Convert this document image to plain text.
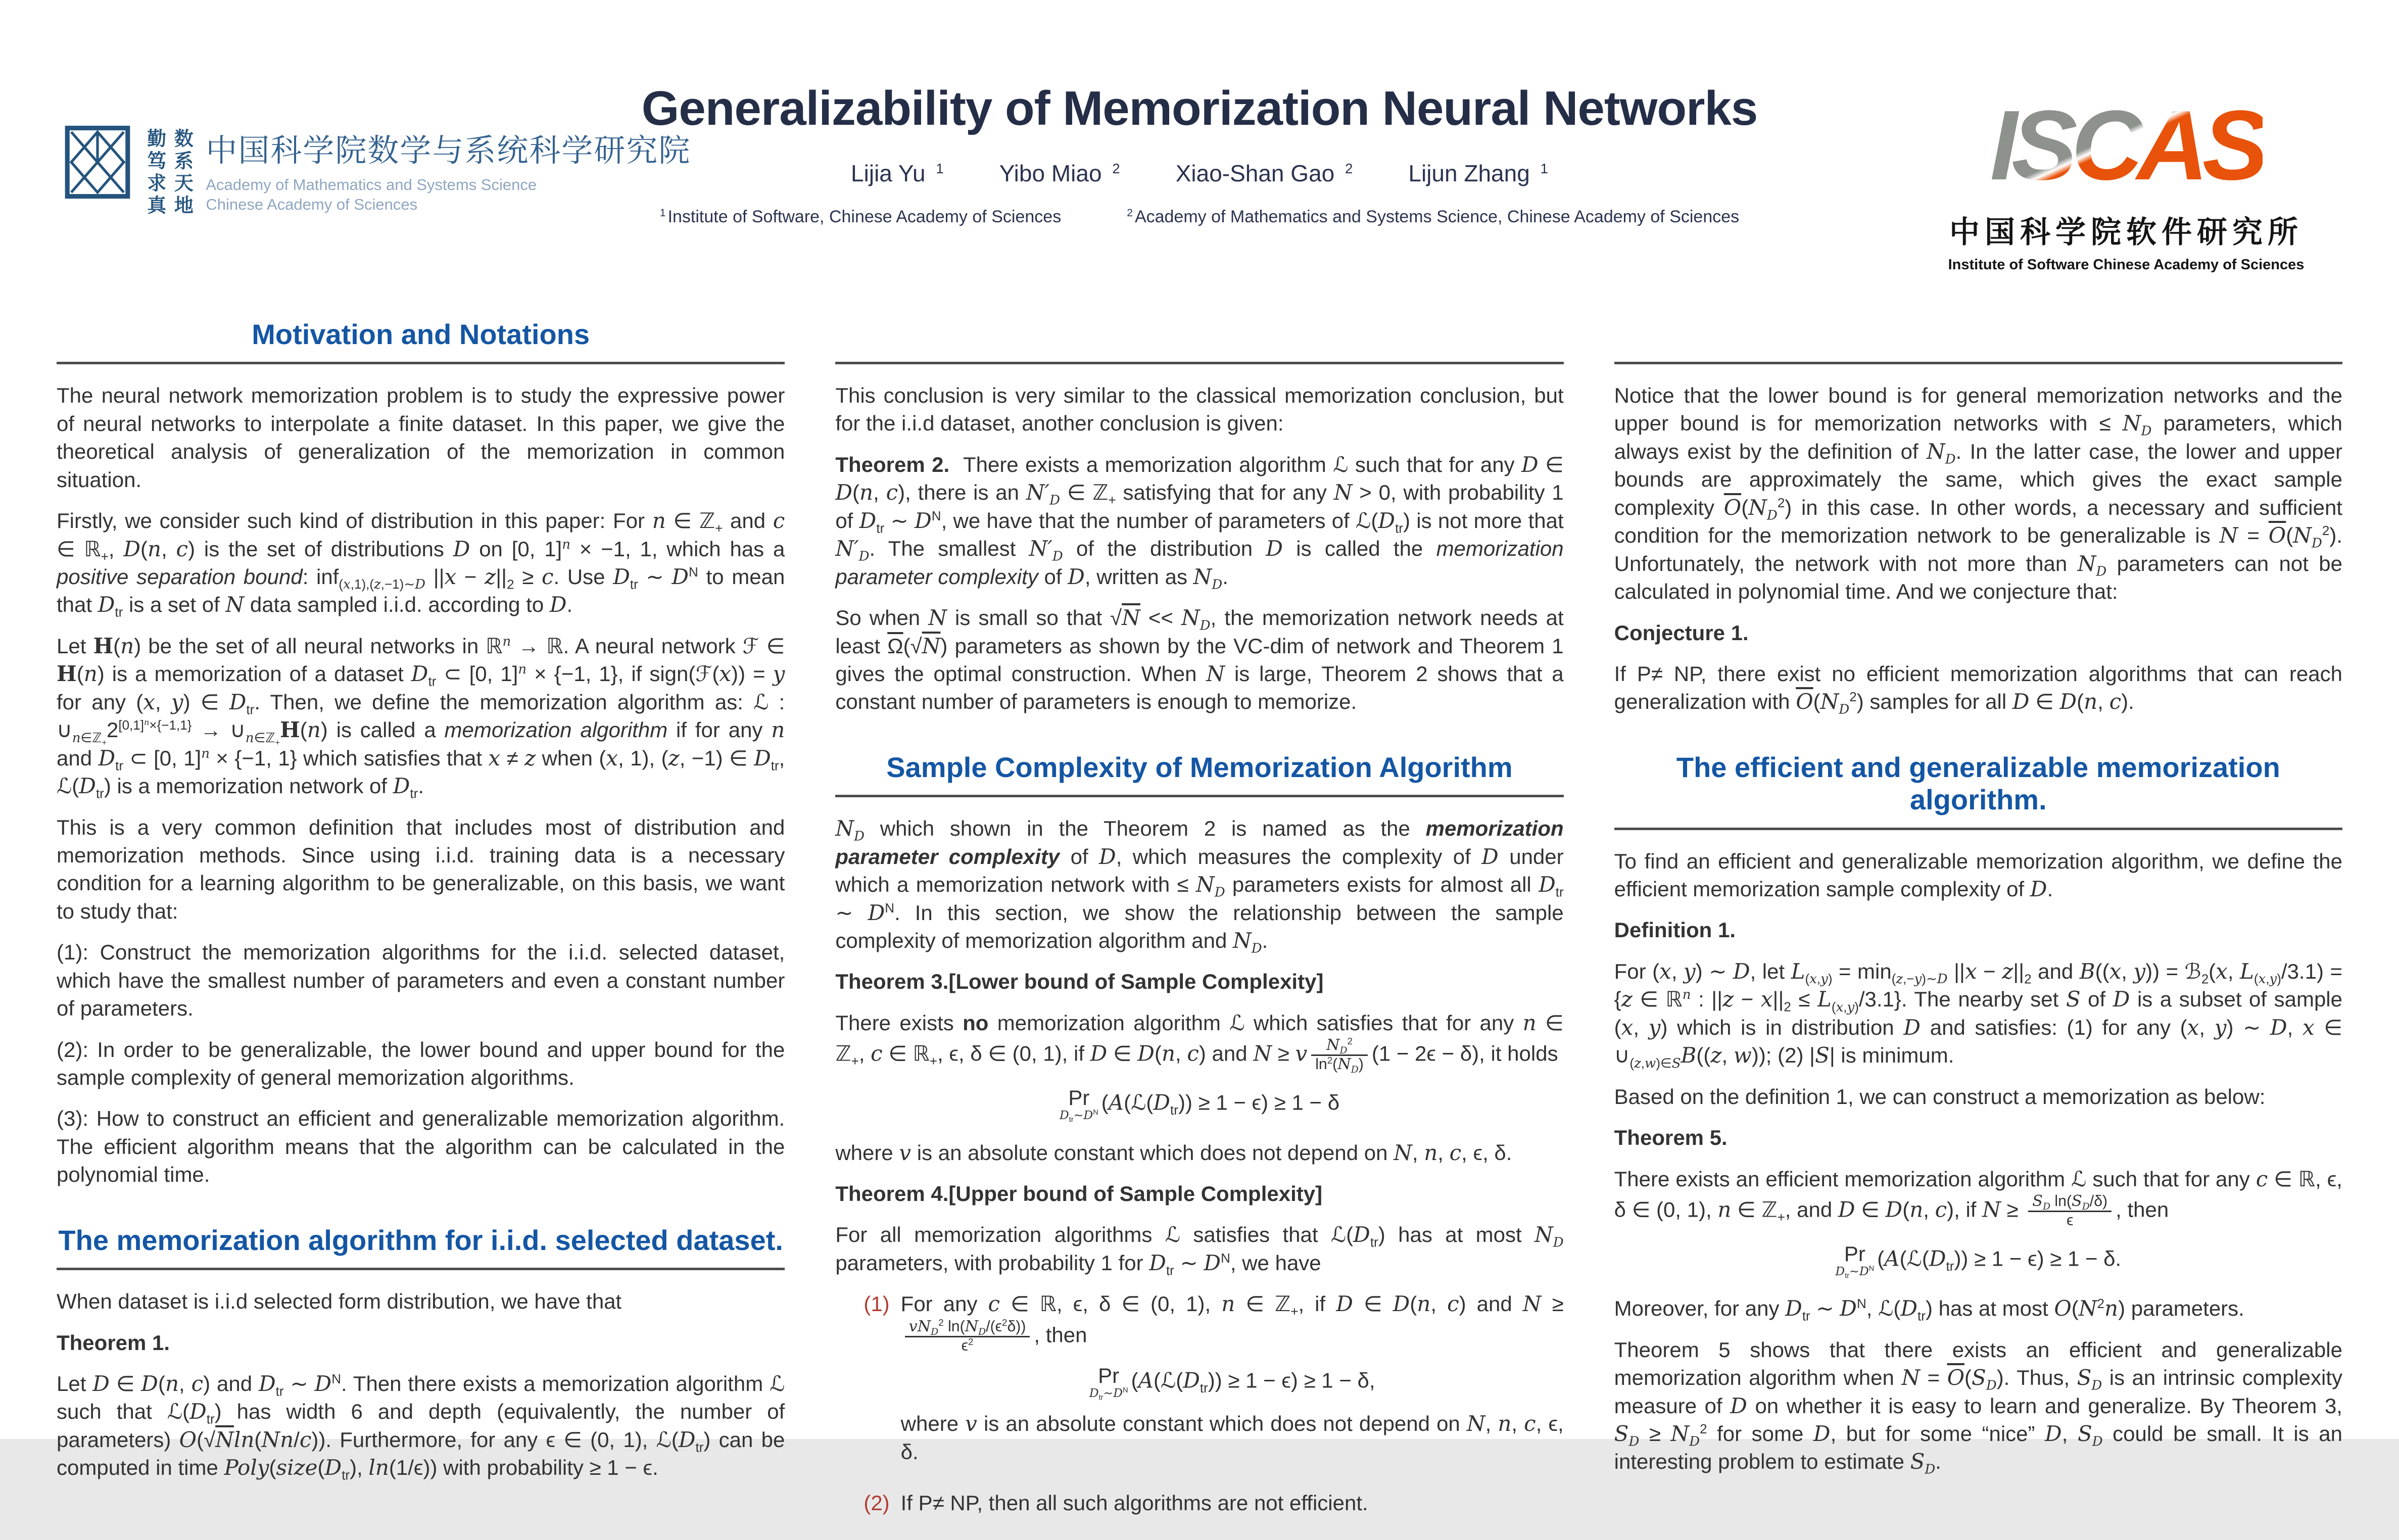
勤笃求真 数系天地 中国科学院数学与系统科学研究院
Academy of Mathematics and Systems Science
Chinese Academy of Sciences
Generalizability of Memorization Neural Networks
Lijia Yu $^1$ Yibo Miao $^2$ Xiao-Shan Gao $^2$ Lijun Zhang $^1$
$^1$ Institute of Software, Chinese Academy of Sciences	$^2$ Academy of Mathematics and Systems Science, Chinese Academy of Sciences
ISCAS
中国科学院软件研究所
Institute of Software Chinese Academy of Sciences
Motivation and Notations

The neural network memorization problem is to study the expressive power of neural networks to interpolate a finite dataset. In this paper, we give the theoretical analysis of generalization of the memorization in common situation.

Firstly, we consider such kind of distribution in this paper: For n ∈ ℤ$_+$ and c ∈ ℝ$_+$, D(n, c) is the set of distributions D on [0, 1]$^n$ × −1, 1, which has a positive separation bound: inf$_{(x,1),(z,-1)\sim D}$ $||x - z||_2 \ge c$. Use $D_{tr}$ ∼ $D^N$ to mean that $D_{tr}$ is a set of N data sampled i.i.d. according to D.

Let H(n) be the set of all neural networks in ℝ$^n$ → ℝ. A neural network ℱ ∈ H(n) is a memorization of a dataset $D_{tr}$ ⊂ [0, 1]$^n$ × {−1, 1}, if sign(ℱ(x)) = y for any (x, y) ∈ $D_{tr}$. Then, we define the memorization algorithm as: ℒ : $\cup_{n\in ℤ_+}2^{[0,1]^n\times\{-1,1\}}$ → $\cup_{n\in ℤ_+}H(n)$ is called a memorization algorithm if for any n and $D_{tr}$ ⊂ [0, 1]$^n$ × {−1, 1} which satisfies that x ≠ z when (x, 1), (z, −1) ∈ $D_{tr}$, $ℒ(D_{tr})$ is a memorization network of $D_{tr}$.

This is a very common definition that includes most of distribution and memorization methods. Since using i.i.d. training data is a necessary condition for a learning algorithm to be generalizable, on this basis, we want to study that:

(1): Construct the memorization algorithms for the i.i.d. selected dataset, which have the smallest number of parameters and even a constant number of parameters.

(2): In order to be generalizable, the lower bound and upper bound for the sample complexity of general memorization algorithms.

(3): How to construct an efficient and generalizable memorization algorithm. The efficient algorithm means that the algorithm can be calculated in the polynomial time.

The memorization algorithm for i.i.d. selected dataset.

When dataset is i.i.d selected form distribution, we have that

Theorem 1.

Let D ∈ D(n, c) and $D_{tr}$ ∼ $D^N$. Then there exists a memorization algorithm ℒ such that $ℒ(D_{tr})$ has width 6 and depth (equivalently, the number of parameters) O(√Nln(Nn/c)). Furthermore, for any ϵ ∈ (0, 1), $ℒ(D_{tr})$ can be computed in time $Poly(size(D_{tr})$, ln(1/ϵ)) with probability ≥ 1 − ϵ.

This conclusion is very similar to the classical memorization conclusion, but for the i.i.d dataset, another conclusion is given:

Theorem 2.  There exists a memorization algorithm ℒ such that for any D ∈ D(n, c), there is an $N'_D$ ∈ ℤ$_+$ satisfying that for any N > 0, with probability 1 of $D_{tr}$ ∼ $D^N$, we have that the number of parameters of $ℒ(D_{tr})$ is not more that $N'_D$. The smallest $N'_D$ of the distribution D is called the memorization parameter complexity of D, written as $N_D$.

So when N is small so that $√N << N_D$, the memorization network needs at least $\overline{\Omega}(√N)$ parameters as shown by the VC-dim of network and Theorem 1 gives the optimal construction. When N is large, Theorem 2 shows that a constant number of parameters is enough to memorize.

Sample Complexity of Memorization Algorithm

$N_D$ which shown in the Theorem 2 is named as the memorization parameter complexity of D, which measures the complexity of D under which a memorization network with ≤ $N_D$ parameters exists for almost all $D_{tr}$ ∼ $D^N$. In this section, we show the relationship between the sample complexity of memorization algorithm and $N_D$.

Theorem 3.[Lower bound of Sample Complexity]

There exists no memorization algorithm ℒ which satisfies that for any n ∈ ℤ$_+$, c ∈ ℝ$_+$, ϵ, δ ∈ (0, 1), if D ∈ D(n, c) and N ≥ v $\frac{N_D^2}{\ln^2(N_D)} (1 - 2\epsilon - \delta)$, it holds

Pr
$D_{tr}\sim D^N$ $(A(ℒ(D_{tr})) \ge 1 - \epsilon) \ge 1 - \delta$

where v is an absolute constant which does not depend on N, n, c, ϵ, δ.

Theorem 4.[Upper bound of Sample Complexity]

For all memorization algorithms ℒ satisfies that $ℒ(D_{tr})$ has at most $N_D$ parameters, with probability 1 for $D_{tr}$ ∼ $D^N$, we have

(1) For any c ∈ ℝ, ϵ, δ ∈ (0, 1), n ∈ ℤ$_+$, if D ∈ D(n, c) and N ≥
$vN_D^2$ $\ln(N_D/(\epsilon^2\delta))$
$\epsilon^2$	, then

Pr
$D_{tr}\sim D^N$ $(A(ℒ(D_{tr})) \ge 1 - \epsilon) \ge 1 - \delta$,

where v is an absolute constant which does not depend on N, n, c, ϵ, δ.

(2) If P≠ NP, then all such algorithms are not efficient.

Notice that the lower bound is for general memorization networks and the upper bound is for memorization networks with ≤ $N_D$ parameters, which always exist by the definition of $N_D$. In the latter case, the lower and upper bounds are approximately the same, which gives the exact sample complexity $\overline{O}(N_D^2)$ in this case. In other words, a necessary and sufficient condition for the memorization network to be generalizable is $N = \overline{O}(N_D^2)$. Unfortunately, the network with not more than $N_D$ parameters can not be calculated in polynomial time. And we conjecture that:

Conjecture 1.

If P≠ NP, there exist no efficient memorization algorithms that can reach generalization with $\overline{O}(N_D^2)$ samples for all D ∈ D(n, c).

The efficient and generalizable memorization algorithm.

To find an efficient and generalizable memorization algorithm, we define the efficient memorization sample complexity of D.

Definition 1.

For (x, y) ∼ D, let $L_{(x,y)} = \min_{(z,-y)\sim D} ||x - z||_2$ and B((x, y)) = ℬ$_2$(x, $L_{(x,y)}/3.1) = \{z$ ∈ ℝ$^n$ : $||z - x||_2 \le L_{(x,y)}/3.1$}. The nearby set S of D is a subset of sample (x, y) which is in distribution D and satisfies: (1) for any (x, y) ∼ D, x ∈ $\cup_{(z,w)\in S}B((z$, w)); (2) |S| is minimum.

Based on the definition 1, we can construct a memorization as below:

Theorem 5.

There exists an efficient memorization algorithm ℒ such that for any c ∈ ℝ, ϵ, δ ∈ (0, 1), n ∈ ℤ$_+$, and D ∈ D(n, c), if $N \ge \frac{S_D \ln(S_D/\delta)}{\epsilon}$ , then

Pr
$D_{tr}\sim D^N$ $(A(ℒ(D_{tr})) \ge 1 - \epsilon) \ge 1 - \delta$.

Moreover, for any $D_{tr}$ ∼ $D^N$, $ℒ(D_{tr})$ has at most $O(N^2n)$ parameters.

Theorem 5 shows that there exists an efficient and generalizable memorization algorithm when $N = \overline{O}(S_D)$. Thus, $S_D$ is an intrinsic complexity measure of D on whether it is easy to learn and generalize. By Theorem 3, $S_D \ge N_D^2$ for some D, but for some “nice” D, $S_D$ could be small. It is an interesting problem to estimate $S_D$.
